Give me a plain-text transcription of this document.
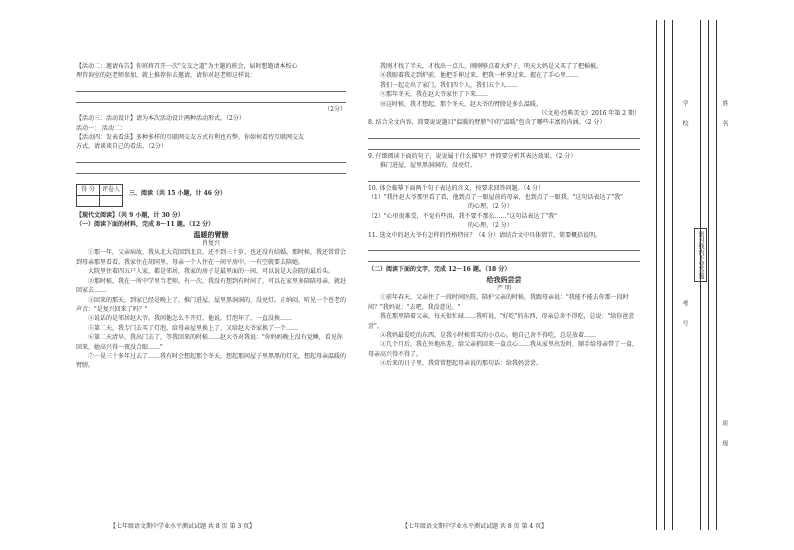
【活动二：邀请布告】你班将召开一次"交友之道"为主题的班会，届时想邀请本校心
理咨询室的赵老师参加，就上推荐你去邀请，请你对赵老师这样说：
（2分）
【活动三：活动设计】请为本次活动设计两种活动形式。（2分）
活动一： 活动二：
【活动四：发表看法】多种多样的互联网交友方式有利也有弊，你如何看待互联网交友
方式，请谈谈自己的看法。（2分）
得 分	评卷人
	三、阅读（共 15 小题，计 46 分）
【现代文阅读】（共 9 小题，计 30 分）
（一）阅读下面的材料，完成 8～11 题。（12 分）
温暖的臂膀
肖复兴
①那一年，父亲病故，我从北大荒回到北京，还不到三十岁，也还没有结婚。那时候，我还常常会到母亲那里看看。我家住在胡同里，母亲一个人住在一间平房中，一有空就要去陪她。
大院里住着四五户人家，都是邻居，我家的房子是最里面的一间，可以说是大杂院的最后头。
②那时候，我在一所中学里当老师，有一次，我没有想到有时间了，可以在家里多陪陪母亲，就赶回家去……
③回来的那天，到家已经是晚上了，推门进屋，屋里黑洞洞的，没亮灯。正纳闷，听见一个苍老的声音："是复兴回来了吗？"
④说话的是邻居赵大爷。我问他怎么不开灯，他说，灯泡坏了，一直没换……
⑤第二天，我专门去买了灯泡，给母亲屋里换上了，又给赵大爷家换了一个……
⑥第二天清早，我出门去了，等我回来的时候……赵大爷对我说："你妈妈晚上没有觉睡，看见你回来，她高兴得一夜没合眼……"
⑦一晃三十多年过去了……我有时会想起那个冬天，想起那间屋子里黑黑的灯光，想起母亲温暖的臂膀。
【七年级语文期中学业水平测试试题 共 8 页 第 3 页】
我刚才找了半天，才找出一点儿，刚刚够点着大炉子，明天大妈是又买了了把棉被。
⑧我眼着我走到炉前，他把手伸过来，把我一杯拿过来，握在了手心里……
我们一起走出了家门，我们四个人，我们五个人……
⑨那年冬天，我在赵大爷家住了下来……
⑩这时候，我才想起，那个冬天，赵大爷的臂膀是多么温暖。
（《文苑·经典美文》2016 年第 2 期）
8. 结合全文内容，简要说说题目"温暖的臂膀"中的"温暖"包含了哪些丰富的内涵。（2 分）
9. 仔细阅读下面的句子，说说属于什么描写？并简要分析其表达效果。（2 分）
推门进屋，屋里黑洞洞的，没亮灯。
10. 体会临摹下面两个句子表达的含义，按要求回答问题。（4 分）
（1）"我往赵大爷那里看了看，他到点了一眼屋前的母亲，也到点了一眼我。"这句话表达了"我"
的心理。（2 分）
（2）"心里很难受，不觉有些泪，我不要不那么……"这句话表达了"我"
的心理。（2 分）
11. 选文中的赵大爷有怎样的性格特征？（4 分）请结合文中具体情节，简要概括说明。
（二）阅读下面的文字，完成 12～16 题。（18 分）
给我妈尝尝
严 明
①前年春天，父亲住了一段时间医院。陪护父亲的时候，我跟母亲说："我能不能去你那一段时间？"我妈说："去吧，我没意见。"
我在那里陪着父亲，每天很忙碌……我听说，"好吃"的东西，母亲总舍不得吃，总说："给你爸尝尝"。
②我妈最爱吃的东西，是我小时候常买的小点心。她自己舍不得吃，总是放着……
③几个月后，我在外地出差，给父亲捎回来一盒点心……我从家里出发时，顺手给母亲带了一盒，母亲高兴得不得了。
④后来的日子里，我常常想起母亲说的那句话：给我妈尝尝。
【七年级语文期中学业水平测试试题 共 8 页 第 4 页】
学
校
姓
名
考
号
班
级
密封线内不要答题
